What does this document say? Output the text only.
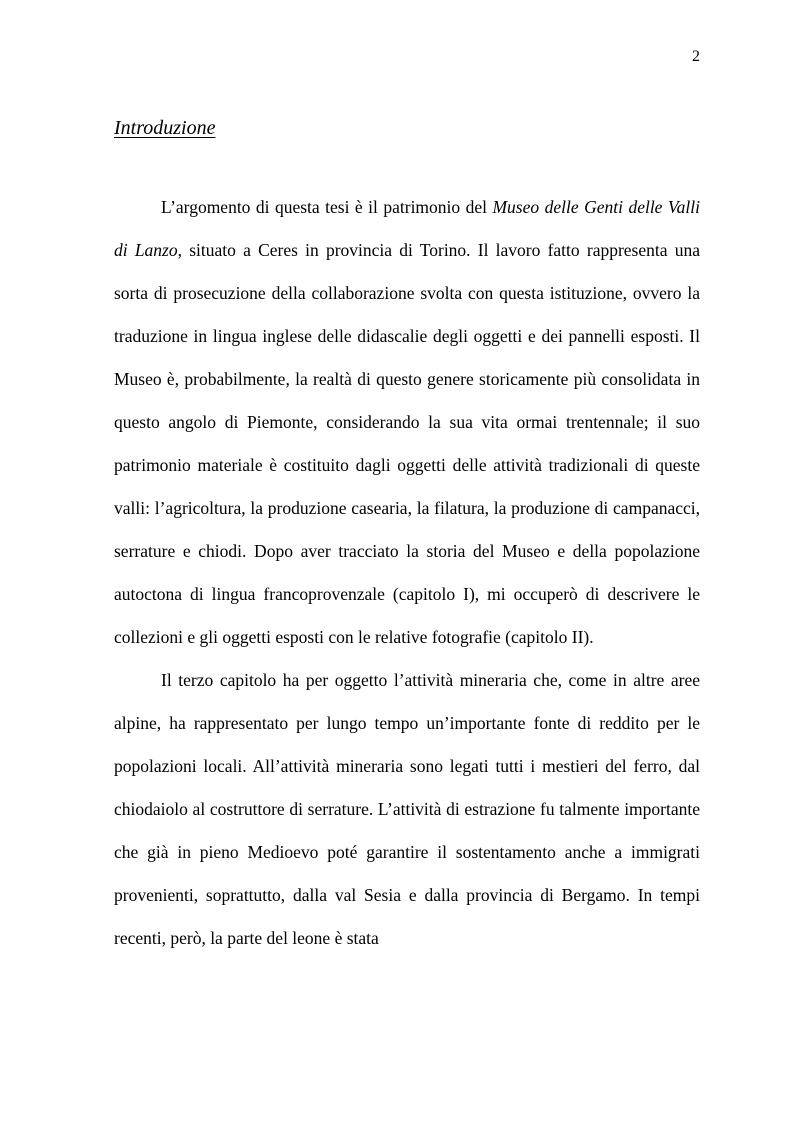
2
Introduzione

L’argomento di questa tesi è il patrimonio del Museo delle Genti delle Valli di Lanzo, situato a Ceres in provincia di Torino. Il lavoro fatto rappresenta una sorta di prosecuzione della collaborazione svolta con questa istituzione, ovvero la traduzione in lingua inglese delle didascalie degli oggetti e dei pannelli esposti. Il Museo è, probabilmente, la realtà di questo genere storicamente più consolidata in questo angolo di Piemonte, considerando la sua vita ormai trentennale; il suo patrimonio materiale è costituito dagli oggetti delle attività tradizionali di queste valli: l’agricoltura, la produzione casearia, la filatura, la produzione di campanacci, serrature e chiodi. Dopo aver tracciato la storia del Museo e della popolazione autoctona di lingua francoprovenzale (capitolo I), mi occuperò di descrivere le collezioni e gli oggetti esposti con le relative fotografie (capitolo II).

Il terzo capitolo ha per oggetto l’attività mineraria che, come in altre aree alpine, ha rappresentato per lungo tempo un’importante fonte di reddito per le popolazioni locali. All’attività mineraria sono legati tutti i mestieri del ferro, dal chiodaiolo al costruttore di serrature. L’attività di estrazione fu talmente importante che già in pieno Medioevo poté garantire il sostentamento anche a immigrati provenienti, soprattutto, dalla val Sesia e dalla provincia di Bergamo. In tempi recenti, però, la parte del leone è stata
